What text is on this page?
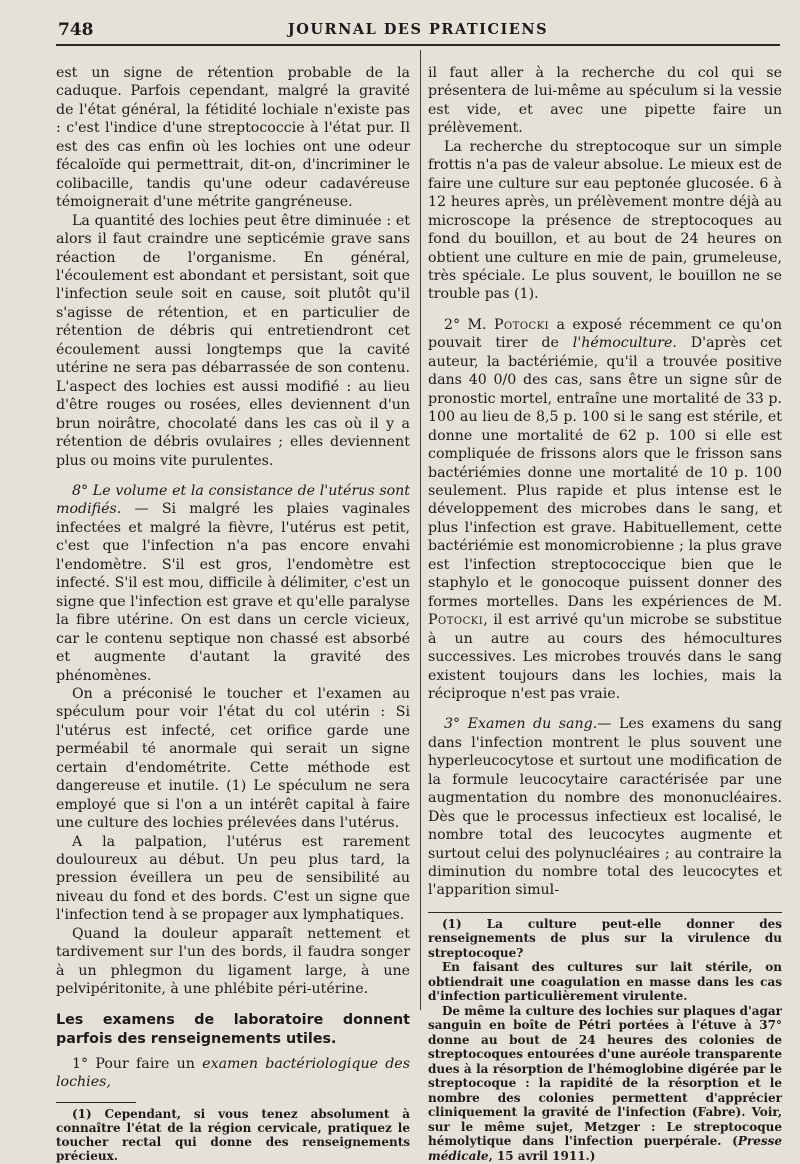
748	JOURNAL DES PRATICIENS

est un signe de rétention probable de la caduque. Parfois cependant, malgré la gravité de l'état général, la fétidité lochiale n'existe pas : c'est l'indice d'une streptococcie à l'état pur. Il est des cas enfin où les lochies ont une odeur fécaloïde qui permettrait, dit-on, d'incriminer le colibacille, tandis qu'une odeur cadavéreuse témoignerait d'une métrite gangréneuse.

La quantité des lochies peut être diminuée : et alors il faut craindre une septicémie grave sans réaction de l'organisme. En général, l'écoulement est abondant et persistant, soit que l'infection seule soit en cause, soit plutôt qu'il s'agisse de rétention, et en particulier de rétention de débris qui entretiendront cet écoulement aussi longtemps que la cavité utérine ne sera pas débarrassée de son contenu. L'aspect des lochies est aussi modifié : au lieu d'être rouges ou rosées, elles deviennent d'un brun noirâtre, chocolaté dans les cas où il y a rétention de débris ovulaires ; elles deviennent plus ou moins vite purulentes.

8° Le volume et la consistance de l'utérus sont modifiés. — Si malgré les plaies vaginales infectées et malgré la fièvre, l'utérus est petit, c'est que l'infection n'a pas encore envahi l'endomètre. S'il est gros, l'endomètre est infecté. S'il est mou, difficile à délimiter, c'est un signe que l'infection est grave et qu'elle paralyse la fibre utérine. On est dans un cercle vicieux, car le contenu septique non chassé est absorbé et augmente d'autant la gravité des phénomènes.

On a préconisé le toucher et l'examen au spéculum pour voir l'état du col utérin : Si l'utérus est infecté, cet orifice garde une perméabil té anormale qui serait un signe certain d'endométrite. Cette méthode est dangereuse et inutile. (1) Le spéculum ne sera employé que si l'on a un intérêt capital à faire une culture des lochies prélevées dans l'utérus.

A la palpation, l'utérus est rarement douloureux au début. Un peu plus tard, la pression éveillera un peu de sensibilité au niveau du fond et des bords. C'est un signe que l'infection tend à se propager aux lymphatiques.

Quand la douleur apparaît nettement et tardivement sur l'un des bords, il faudra songer à un phlegmon du ligament large, à une pelvipéritonite, à une phlébite péri-utérine.

Les examens de laboratoire donnent parfois des renseignements utiles.

1° Pour faire un examen bactériologique des lochies,

(1) Cependant, si vous tenez absolument à connaître l'état de la région cervicale, pratiquez le toucher rectal qui donne des renseignements précieux.

il faut aller à la recherche du col qui se présentera de lui-même au spéculum si la vessie est vide, et avec une pipette faire un prélèvement.

La recherche du streptocoque sur un simple frottis n'a pas de valeur absolue. Le mieux est de faire une culture sur eau peptonée glucosée. 6 à 12 heures après, un prélèvement montre déjà au microscope la présence de streptocoques au fond du bouillon, et au bout de 24 heures on obtient une culture en mie de pain, grumeleuse, très spéciale. Le plus souvent, le bouillon ne se trouble pas (1).

2° M. Potocki a exposé récemment ce qu'on pouvait tirer de l'hémoculture. D'après cet auteur, la bactériémie, qu'il a trouvée positive dans 40 0/0 des cas, sans être un signe sûr de pronostic mortel, entraîne une mortalité de 33 p. 100 au lieu de 8,5 p. 100 si le sang est stérile, et donne une mortalité de 62 p. 100 si elle est compliquée de frissons alors que le frisson sans bactériémies donne une mortalité de 10 p. 100 seulement. Plus rapide et plus intense est le développement des microbes dans le sang, et plus l'infection est grave. Habituellement, cette bactériémie est monomicrobienne ; la plus grave est l'infection streptococcique bien que le staphylo et le gonocoque puissent donner des formes mortelles. Dans les expériences de M. Potocki, il est arrivé qu'un microbe se substitue à un autre au cours des hémocultures successives. Les microbes trouvés dans le sang existent toujours dans les lochies, mais la réciproque n'est pas vraie.

3° Examen du sang.— Les examens du sang dans l'infection montrent le plus souvent une hyperleucocytose et surtout une modification de la formule leucocytaire caractérisée par une augmentation du nombre des mononucléaires. Dès que le processus infectieux est localisé, le nombre total des leucocytes augmente et surtout celui des polynucléaires ; au contraire la diminution du nombre total des leucocytes et l'apparition simul-

(1) La culture peut-elle donner des renseignements de plus sur la virulence du streptocoque?

En faisant des cultures sur lait stérile, on obtiendrait une coagulation en masse dans les cas d'infection particulièrement virulente.

De même la culture des lochies sur plaques d'agar sanguin en boîte de Pétri portées à l'étuve à 37° donne au bout de 24 heures des colonies de streptocoques entourées d'une auréole transparente dues à la résorption de l'hémoglobine digérée par le streptocoque : la rapidité de la résorption et le nombre des colonies permettent d'apprécier cliniquement la gravité de l'infection (Fabre). Voir, sur le même sujet, Metzger : Le streptocoque hémolytique dans l'infection puerpérale. (Presse médicale, 15 avril 1911.)
